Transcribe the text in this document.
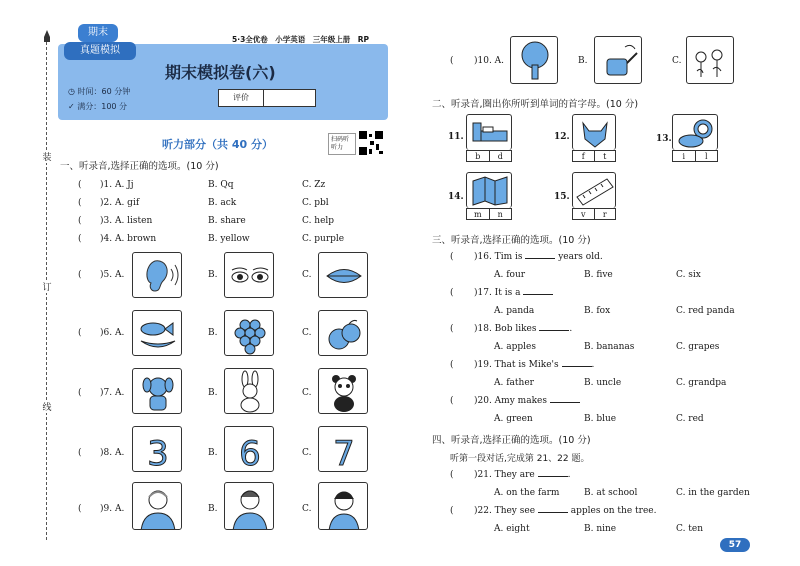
装
订
线
期末
真题模拟
5·3全优卷　小学英语　三年级上册　RP
期末模拟卷(六)
◷ 时间：60 分钟
✓ 满分：100 分
评价
听力部分（共 40 分）	扫码听听力
一、听录音,选择正确的选项。(10 分)
( )1. A. Jj	B. Qq	C. Zz
( )2. A. gif	B. ack	C. pbl
( )3. A. listen	B. share	C. help
( )4. A. brown	B. yellow	C. purple
( )5. A.	B.	C.
( )6. A.	B.	C.
( )7. A.	B.	C.
( )8. A. 3	B. 6	C. 7
( )9. A.	B.	C.
( )10. A.	B.	C.
二、听录音,圈出你所听到单词的首字母。(10 分)
11.
b	d
12.
f	t
13.
i	l
14.
m	n
15.
v	r
三、听录音,选择正确的选项。(10 分)
( )16. Tim is	years old.
A. four	B. five	C. six
( )17. It is a
A. panda	B. fox	C. red panda
( )18. Bob likes	.
A. apples	B. bananas	C. grapes
( )19. That is Mike's	.
A. father	B. uncle	C. grandpa
( )20. Amy makes
A. green	B. blue	C. red
四、听录音,选择正确的选项。(10 分)
听第一段对话,完成第 21、22 题。
( )21. They are	.
A. on the farm	B. at school	C. in the garden
( )22. They see	apples on the tree.
A. eight	B. nine	C. ten
57
